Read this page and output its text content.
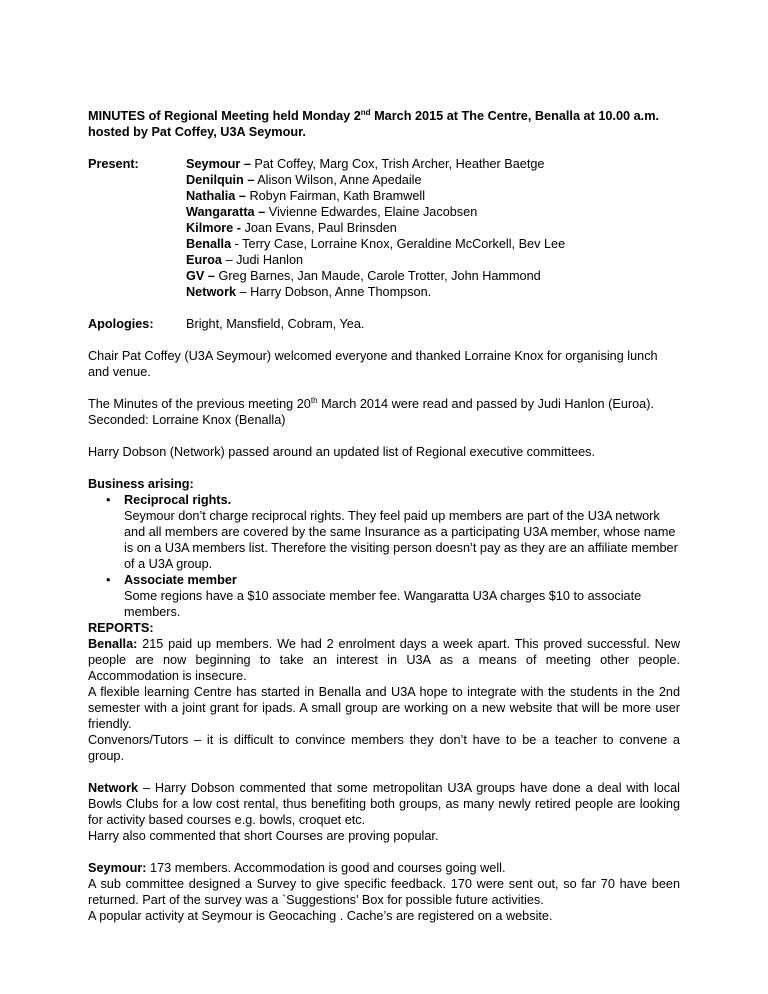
MINUTES of Regional Meeting held Monday 2nd March 2015 at The Centre, Benalla at 10.00 a.m. hosted by Pat Coffey, U3A Seymour.

Present:	Seymour – Pat Coffey, Marg Cox, Trish Archer, Heather Baetge

Denilquin – Alison Wilson, Anne Apedaile

Nathalia – Robyn Fairman, Kath Bramwell

Wangaratta – Vivienne Edwardes, Elaine Jacobsen

Kilmore - Joan Evans, Paul Brinsden

Benalla - Terry Case, Lorraine Knox, Geraldine McCorkell, Bev Lee

Euroa – Judi Hanlon

GV – Greg Barnes, Jan Maude, Carole Trotter, John Hammond

Network – Harry Dobson, Anne Thompson.

Apologies:	Bright, Mansfield, Cobram, Yea.

Chair Pat Coffey (U3A Seymour) welcomed everyone and thanked Lorraine Knox for organising lunch and venue.

The Minutes of the previous meeting 20th March 2014 were read and passed by Judi Hanlon (Euroa). Seconded: Lorraine Knox (Benalla)

Harry Dobson (Network) passed around an updated list of Regional executive committees.

Business arising:

• Reciprocal rights.

Seymour don’t charge reciprocal rights. They feel paid up members are part of the U3A network and all members are covered by the same Insurance as a participating U3A member, whose name is on a U3A members list. Therefore the visiting person doesn’t pay as they are an affiliate member of a U3A group.

• Associate member

Some regions have a $10 associate member fee. Wangaratta U3A charges $10 to associate members.

REPORTS:

Benalla: 215 paid up members. We had 2 enrolment days a week apart. This proved successful. New people are now beginning to take an interest in U3A as a means of meeting other people. Accommodation is insecure.

A flexible learning Centre has started in Benalla and U3A hope to integrate with the students in the 2nd semester with a joint grant for ipads. A small group are working on a new website that will be more user friendly.

Convenors/Tutors – it is difficult to convince members they don’t have to be a teacher to convene a group.

Network – Harry Dobson commented that some metropolitan U3A groups have done a deal with local Bowls Clubs for a low cost rental, thus benefiting both groups, as many newly retired people are looking for activity based courses e.g. bowls, croquet etc.

Harry also commented that short Courses are proving popular.

Seymour: 173 members. Accommodation is good and courses going well.

A sub committee designed a Survey to give specific feedback. 170 were sent out, so far 70 have been returned. Part of the survey was a `Suggestions’ Box for possible future activities.

A popular activity at Seymour is Geocaching . Cache’s are registered on a website.
